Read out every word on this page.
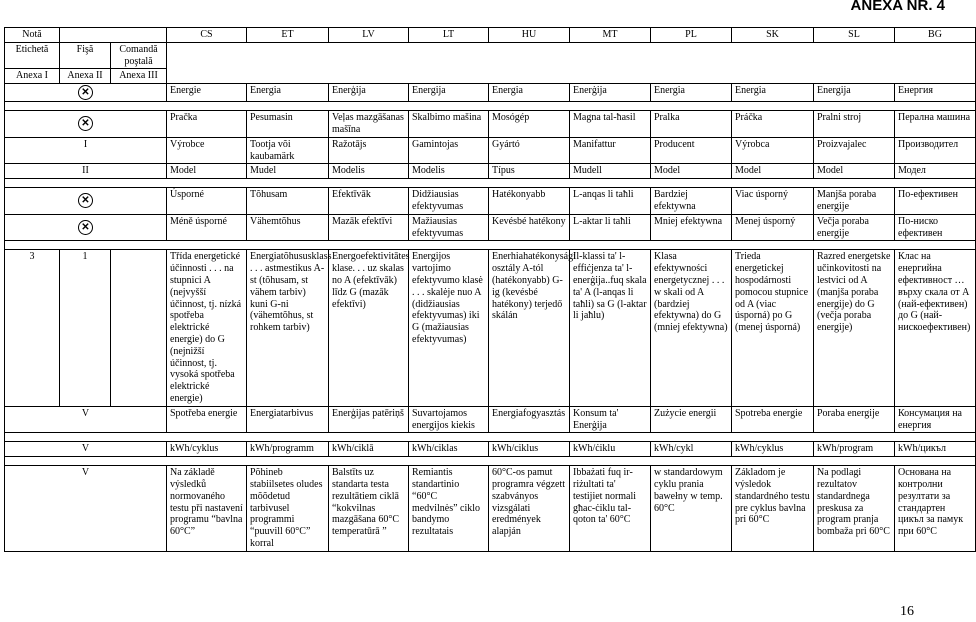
ANEXA NR. 4
Notă			CS	ET	LV	LT	HU	MT	PL	SK	SL	BG
Etichetă	Fişă	Comandă poştală										
Anexa I	Anexa II	Anexa III										
✕			Energie	Energia	Enerģija	Energija	Energia	Enerġija	Energia	Energia	Energija	Енергия

✕			Pračka	Pesumasin	Veļas mazgāšanas mašīna	Skalbimo mašina	Mosógép	Magna tal-ħasil	Pralka	Práčka	Pralni stroj	Перална машина
I			Výrobce	Tootja või kaubamärk	Ražotājs	Gamintojas	Gyártó	Manifattur	Producent	Výrobca	Proizvajalec	Производител
II			Model	Mudel	Modelis	Modelis	Típus	Mudell	Model	Model	Model	Модел

✕			Úsporné	Tõhusam	Efektīvāk	Didžiausias efektyvumas	Hatékonyabb	L-anqas li taħli	Bardziej efektywna	Viac úsporný	Manjša poraba energije	По-ефективен
✕			Méně úsporné	Vähemtõhus	Mazāk efektīvi	Mažiausias efektyvumas	Kevésbé hatékony	L-aktar li taħli	Mniej efektywna	Menej úsporný	Večja poraba energije	По-ниско ефективен

3	1		Třída energetické účinnosti . . . na stupnici A (nejvyšší účinnost, tj. nízká spotřeba elektrické energie) do G (nejnižší účinnost, tj. vysoká spotřeba elektrické energie)	Energiatõhususklass . . . astmestikus A-st (tõhusam, st vähem tarbiv) kuni G-ni (vähemtõhus, st rohkem tarbiv)	Energoefektivitātes klase. . . uz skalas no A (efektīvāk) līdz G (mazāk efektīvi)	Energijos vartojimo efektyvumo klasė . . . skalėje nuo A (didžiausias efektyvumas) iki G (mažiausias efektyvumas)	Enerhiahatékonysági osztály A-tól (hatékonyabb) G-ig (kevésbé hatékony) terjedő skálán	Il-klassi ta' l-effiċjenza ta' l-enerġija..fuq skala ta' A (l-anqas li taħli) sa G (l-aktar li jaħlu)	Klasa efektywności energetycznej . . . w skali od A (bardziej efektywna) do G (mniej efektywna)	Trieda energetickej hospodárnosti pomocou stupnice od A (viac úsporná) po G (menej úsporná)	Razred energetske učinkovitosti na lestvici od A (manjša poraba energije) do G (večja poraba energije)	Клас на енергийна ефективност … върху скала от A (най-ефективен) до G (най-нискоефективен)
V			Spotřeba energie	Energiatarbivus	Enerģijas patēriņš	Suvartojamos energijos kiekis	Energiafogyasztás	Konsum ta' Enerġija	Zużycie energii	Spotreba energie	Poraba energije	Консумация на енергия

V			kWh/cyklus	kWh/programm	kWh/ciklā	kWh/ciklas	kWh/ciklus	kWh/ċiklu	kWh/cykl	kWh/cyklus	kWh/program	kWh/цикъл

V			Na základě výsledků normovaného testu při nastavení programu “bavlna 60°C”	Põhineb stabiilsetes oludes mõõdetud tarbivusel programmi “puuvill 60°C” korral	Balstīts uz standarta testa rezultātiem ciklā “kokvilnas mazgāšana 60°C temperatūrā ”	Remiantis standartinio “60°C medvilnės” ciklo bandymo rezultatais	60°C-os pamut programra végzett szabványos vizsgálati eredmények alapján	Ibbażati fuq ir-riżultati ta' testijiet normali għac-ċiklu tal-qoton ta' 60°C	w standardowym cyklu prania bawełny w temp. 60°C	Základom je výsledok standardného testu pre cyklus bavlna pri 60°C	Na podlagi rezultatov standardnega preskusa za program pranja bombaža pri 60°C	Основана на контролни резултати за стандартен цикъл за памук при 60°C
16
